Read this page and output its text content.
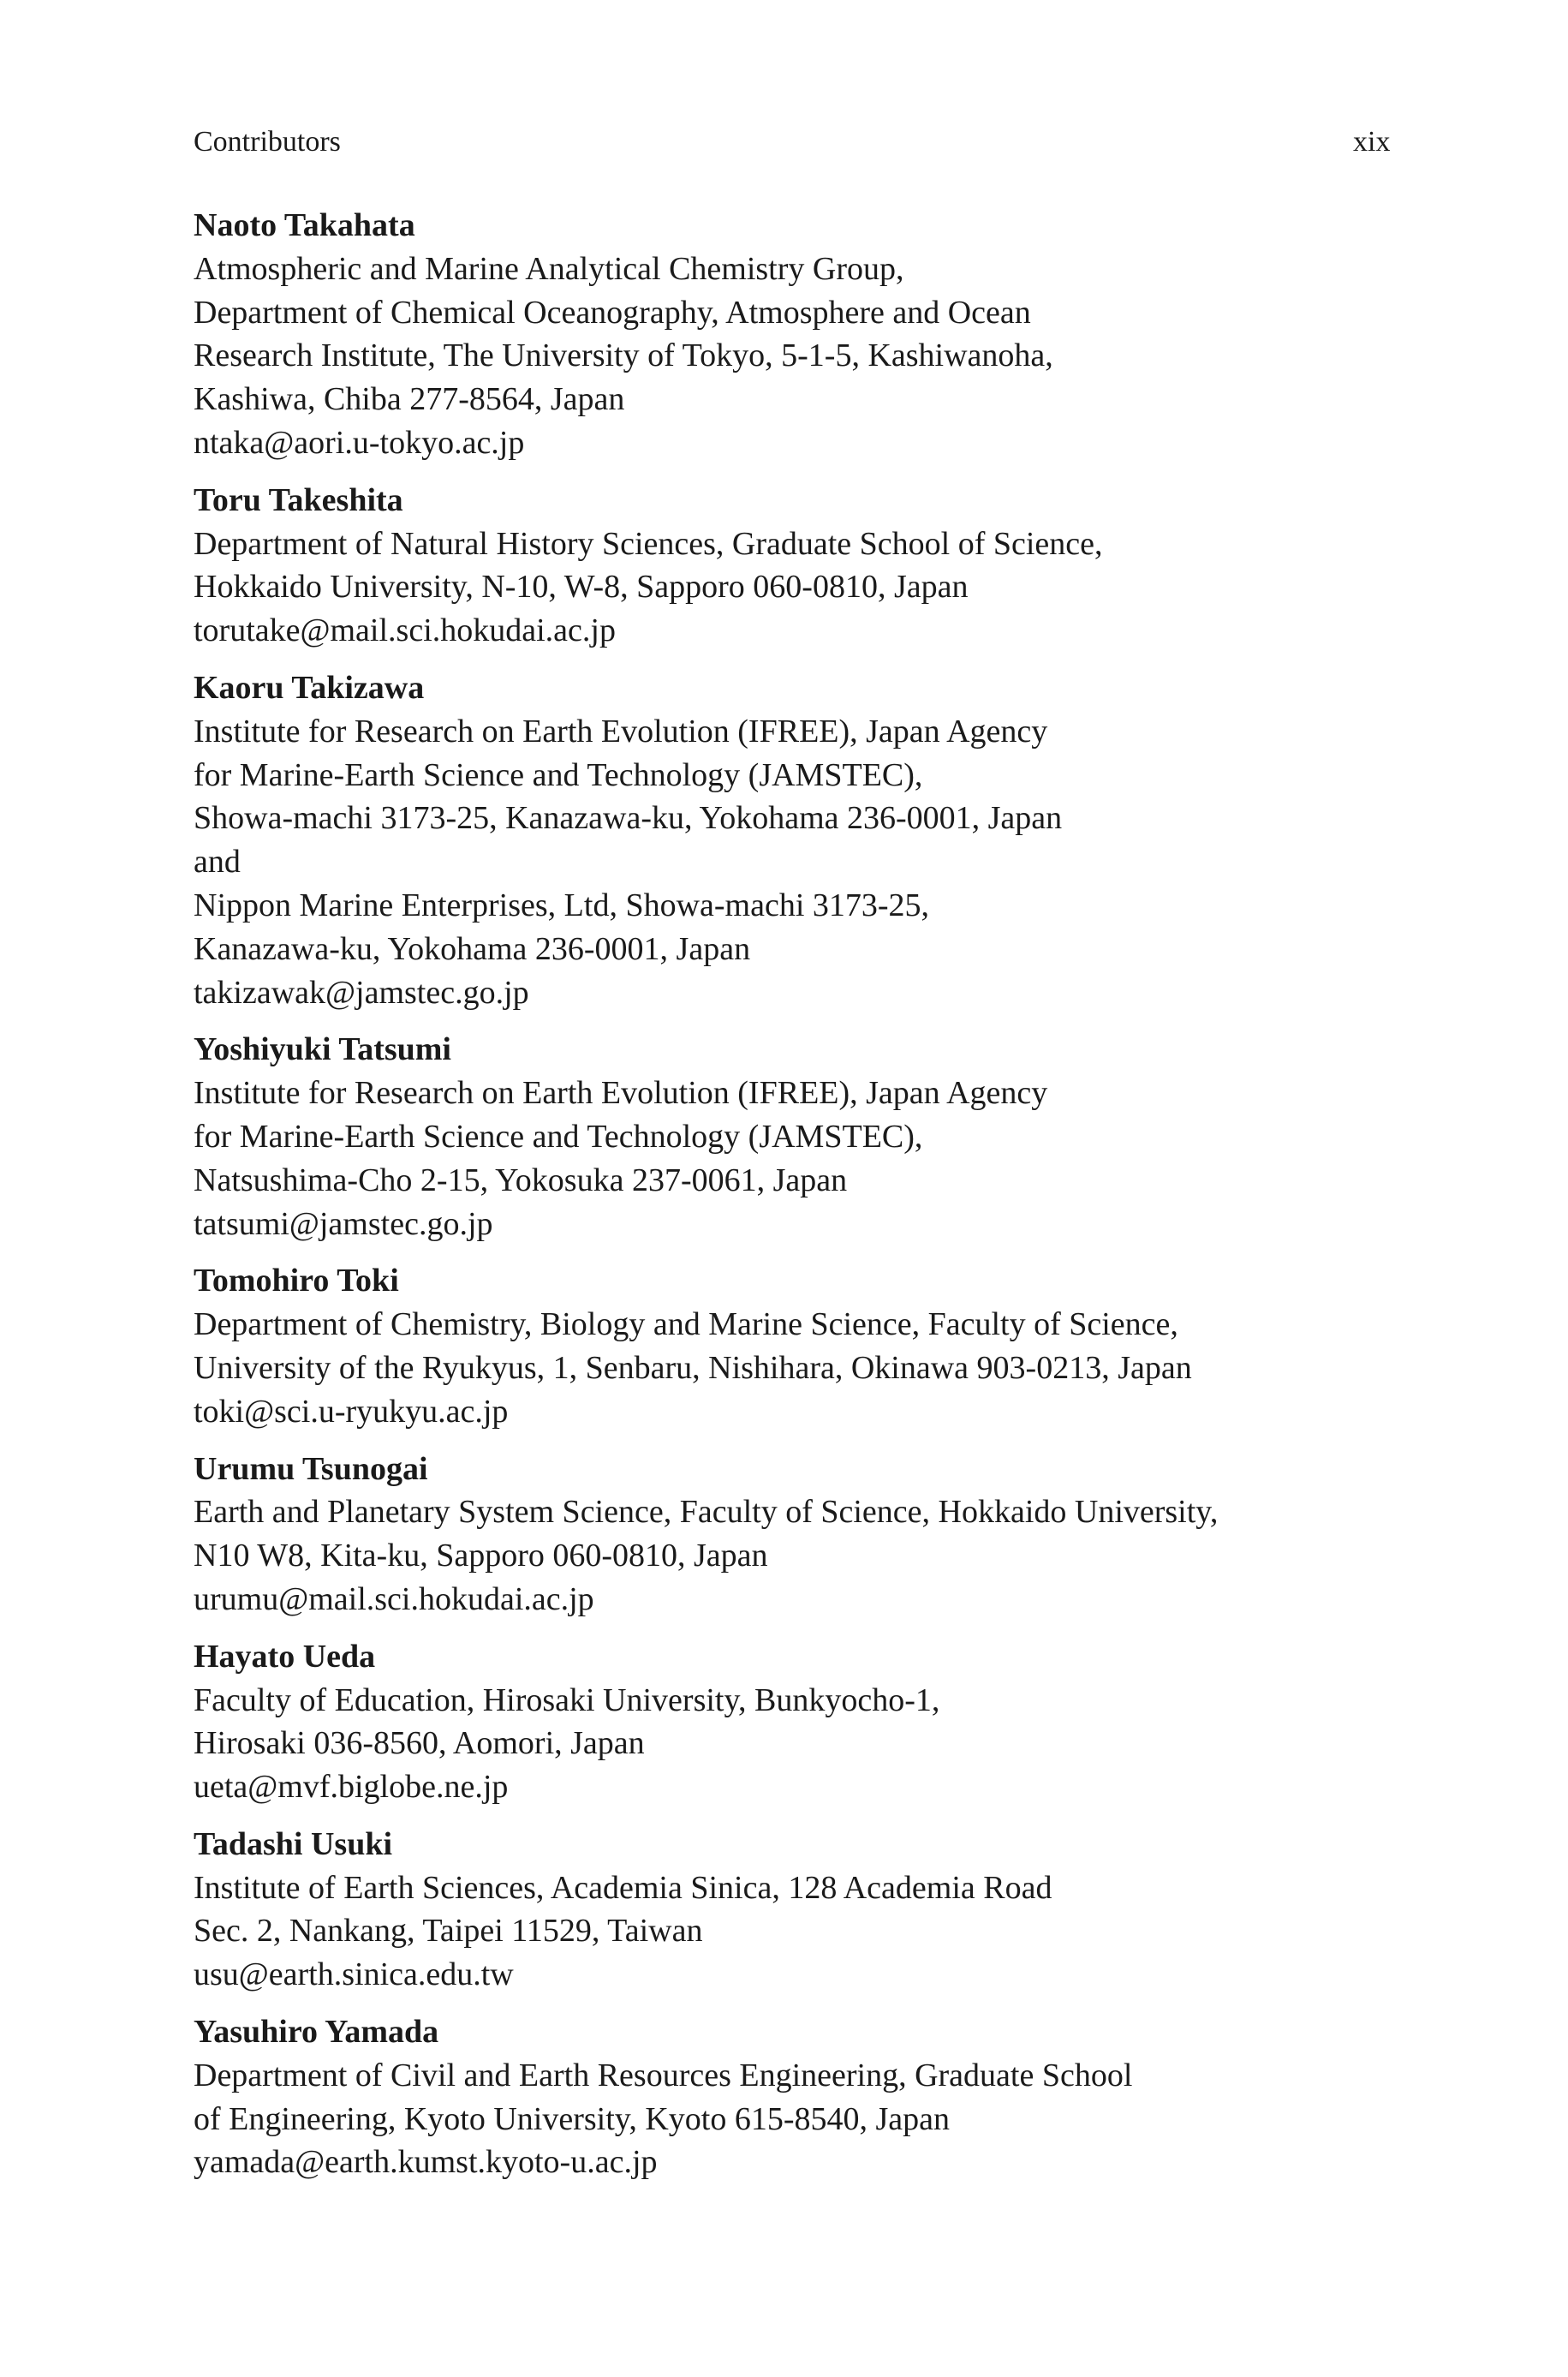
Contributors	xix
Naoto Takahata
Atmospheric and Marine Analytical Chemistry Group,
Department of Chemical Oceanography, Atmosphere and Ocean
Research Institute, The University of Tokyo, 5-1-5, Kashiwanoha,
Kashiwa, Chiba 277-8564, Japan
ntaka@aori.u-tokyo.ac.jp
Toru Takeshita
Department of Natural History Sciences, Graduate School of Science,
Hokkaido University, N-10, W-8, Sapporo 060-0810, Japan
torutake@mail.sci.hokudai.ac.jp
Kaoru Takizawa
Institute for Research on Earth Evolution (IFREE), Japan Agency
for Marine-Earth Science and Technology (JAMSTEC),
Showa-machi 3173-25, Kanazawa-ku, Yokohama 236-0001, Japan
and
Nippon Marine Enterprises, Ltd, Showa-machi 3173-25,
Kanazawa-ku, Yokohama 236-0001, Japan
takizawak@jamstec.go.jp
Yoshiyuki Tatsumi
Institute for Research on Earth Evolution (IFREE), Japan Agency
for Marine-Earth Science and Technology (JAMSTEC),
Natsushima-Cho 2-15, Yokosuka 237-0061, Japan
tatsumi@jamstec.go.jp
Tomohiro Toki
Department of Chemistry, Biology and Marine Science, Faculty of Science,
University of the Ryukyus, 1, Senbaru, Nishihara, Okinawa 903-0213, Japan
toki@sci.u-ryukyu.ac.jp
Urumu Tsunogai
Earth and Planetary System Science, Faculty of Science, Hokkaido University,
N10 W8, Kita-ku, Sapporo 060-0810, Japan
urumu@mail.sci.hokudai.ac.jp
Hayato Ueda
Faculty of Education, Hirosaki University, Bunkyocho-1,
Hirosaki 036-8560, Aomori, Japan
ueta@mvf.biglobe.ne.jp
Tadashi Usuki
Institute of Earth Sciences, Academia Sinica, 128 Academia Road
Sec. 2, Nankang, Taipei 11529, Taiwan
usu@earth.sinica.edu.tw
Yasuhiro Yamada
Department of Civil and Earth Resources Engineering, Graduate School
of Engineering, Kyoto University, Kyoto 615-8540, Japan
yamada@earth.kumst.kyoto-u.ac.jp
